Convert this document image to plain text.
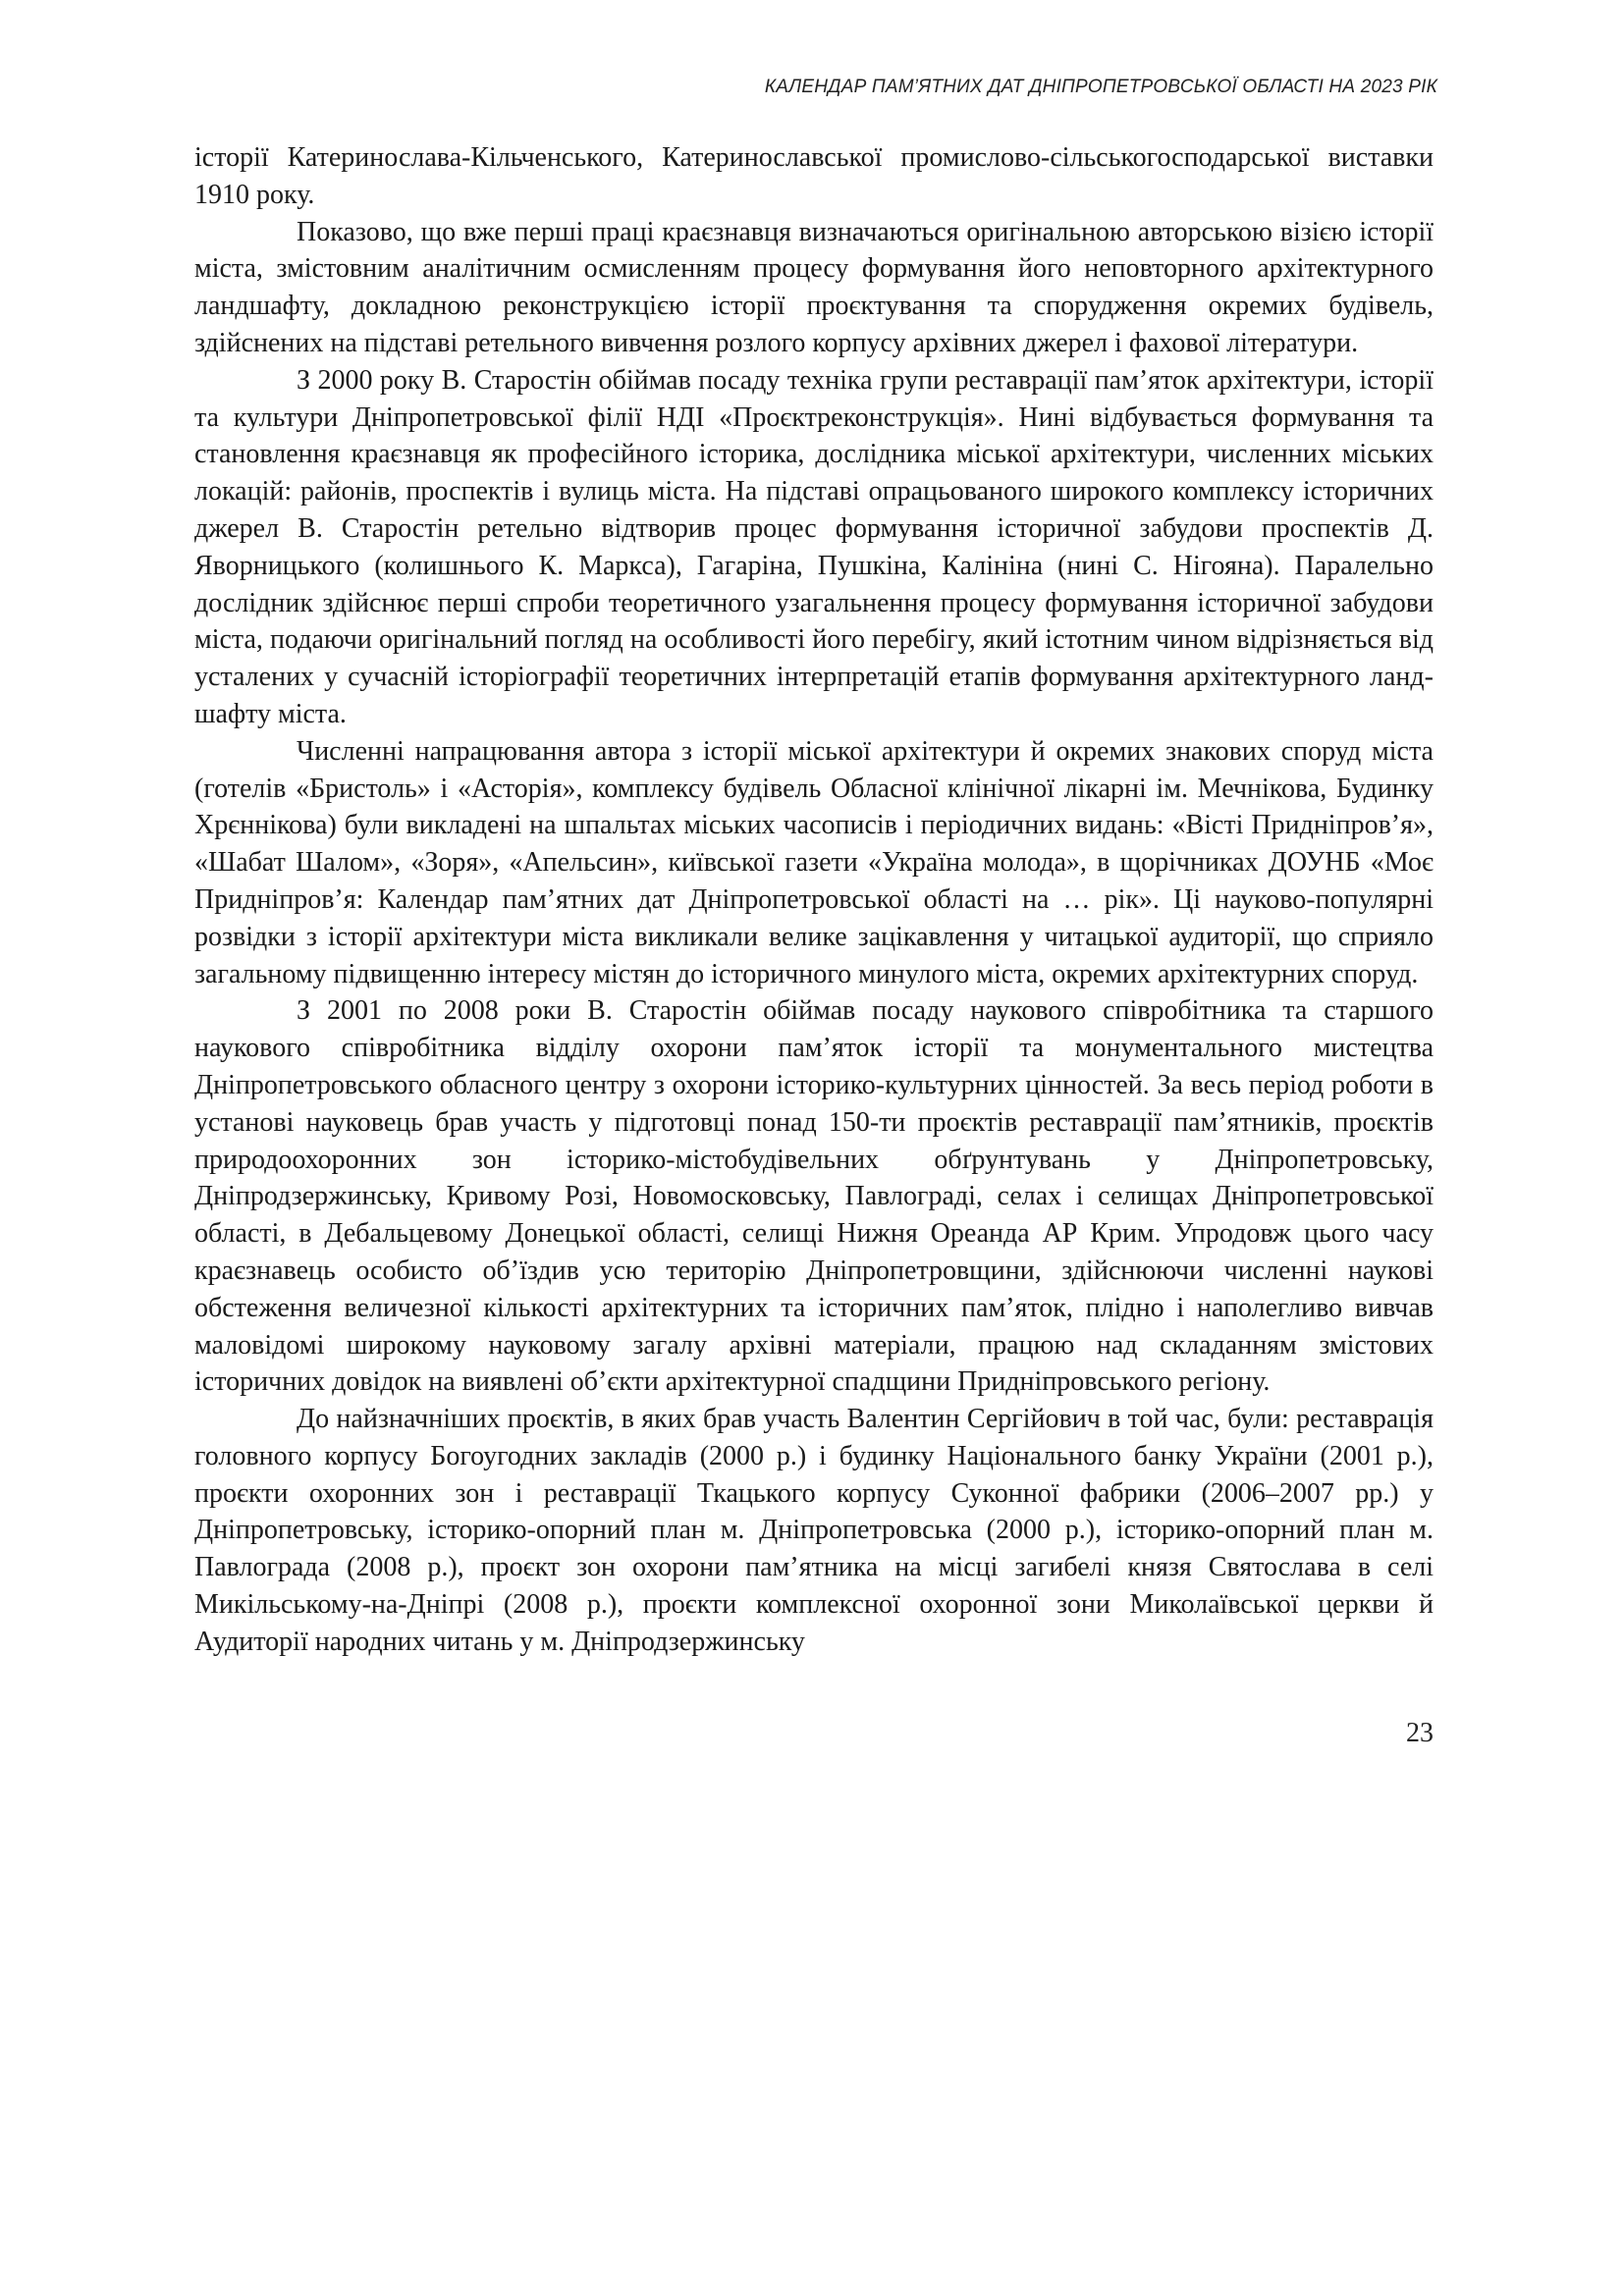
КАЛЕНДАР ПАМ’ЯТНИХ ДАТ ДНІПРОПЕТРОВСЬКОЇ ОБЛАСТІ НА 2023 РІК

історії Катеринослава-Кільченського, Катеринославської промислово-сільськогосподарської виставки 1910 року.

Показово, що вже перші праці краєзнавця визначаються оригінальною авторською візією історії міста, змістовним аналітичним осмисленням процесу формування його неповторного архітектурного ландшафту, докладною реконструкцією історії проєктування та спорудження окремих будівель, здійснених на підставі ретельного вивчення розлого корпусу архівних джерел і фахової літератури.

З 2000 року В. Старостін обіймав посаду техніка групи реставрації пам’яток архітектури, історії та культури Дніпропетровської філії НДІ «Проєктреконструкція». Нині відбувається формування та становлення краєзнавця як професійного історика, дослідника міської архітектури, численних міських локацій: районів, проспектів і вулиць міста. На підставі опрацьованого широкого комплексу історичних джерел В. Старостін ретельно відтворив процес формування історичної забудови проспектів Д. Яворницького (колишнього К. Маркса), Гагаріна, Пушкіна, Калініна (нині С. Нігояна). Паралельно дослідник здійснює перші спроби теоретичного узагальнення процесу формування історичної забудови міста, подаючи оригінальний погляд на особливості його перебігу, який істотним чином відрізняється від усталених у сучасній історіографії теоретичних інтерпретацій етапів формування архітектурного ландшафту міста.

Численні напрацювання автора з історії міської архітектури й окремих знакових споруд міста (готелів «Бристоль» і «Асторія», комплексу будівель Обласної клінічної лікарні ім. Мечнікова, Будинку Хрєннікова) були викладені на шпальтах міських часописів і періодичних видань: «Вісті Придніпров’я», «Шабат Шалом», «Зоря», «Апельсин», київської газети «Україна молода», в щорічниках ДОУНБ «Моє Придніпров’я: Календар пам’ятних дат Дніпропетровської області на … рік». Ці науково-популярні розвідки з історії архітектури міста викликали велике зацікавлення у читацької аудиторії, що сприяло загальному підвищенню інтересу містян до історичного минулого міста, окремих архітектурних споруд.

З 2001 по 2008 роки В. Старостін обіймав посаду наукового співробітника та старшого наукового співробітника відділу охорони пам’яток історії та монументального мистецтва Дніпропетровського обласного центру з охорони історико-культурних цінностей. За весь період роботи в установі науковець брав участь у підготовці понад 150-ти проєктів реставрації пам’ятників, проєктів природоохоронних зон історико-містобудівельних обґрунтувань у Дніпропетровську, Дніпродзержинську, Кривому Розі, Новомосковську, Павлограді, селах і селищах Дніпропетровської області, в Дебальцевому Донецької області, селищі Нижня Ореанда АР Крим. Упродовж цього часу краєзнавець особисто об’їздив усю територію Дніпропетровщини, здійснюючи численні наукові обстеження величезної кількості архітектурних та історичних пам’яток, плідно і наполегливо вивчав маловідомі широкому науковому загалу архівні матеріали, працюю над складанням змістових історичних довідок на виявлені об’єкти архітектурної спадщини Придніпровського регіону.

До найзначніших проєктів, в яких брав участь Валентин Сергійович в той час, були: реставрація головного корпусу Богоугодних закладів (2000 р.) і будинку Національного банку України (2001 р.), проєкти охоронних зон і реставрації Ткацького корпусу Суконної фабрики (2006–2007 рр.) у Дніпропетровську, історико-опорний план м. Дніпропетровська (2000 р.), історико-опорний план м. Павлограда (2008 р.), проєкт зон охорони пам’ятника на місці загибелі князя Святослава в селі Микільському-на-Дніпрі (2008 р.), проєкти комплексної охоронної зони Миколаївської церкви й Аудиторії народних читань у м. Дніпродзержинську

23
